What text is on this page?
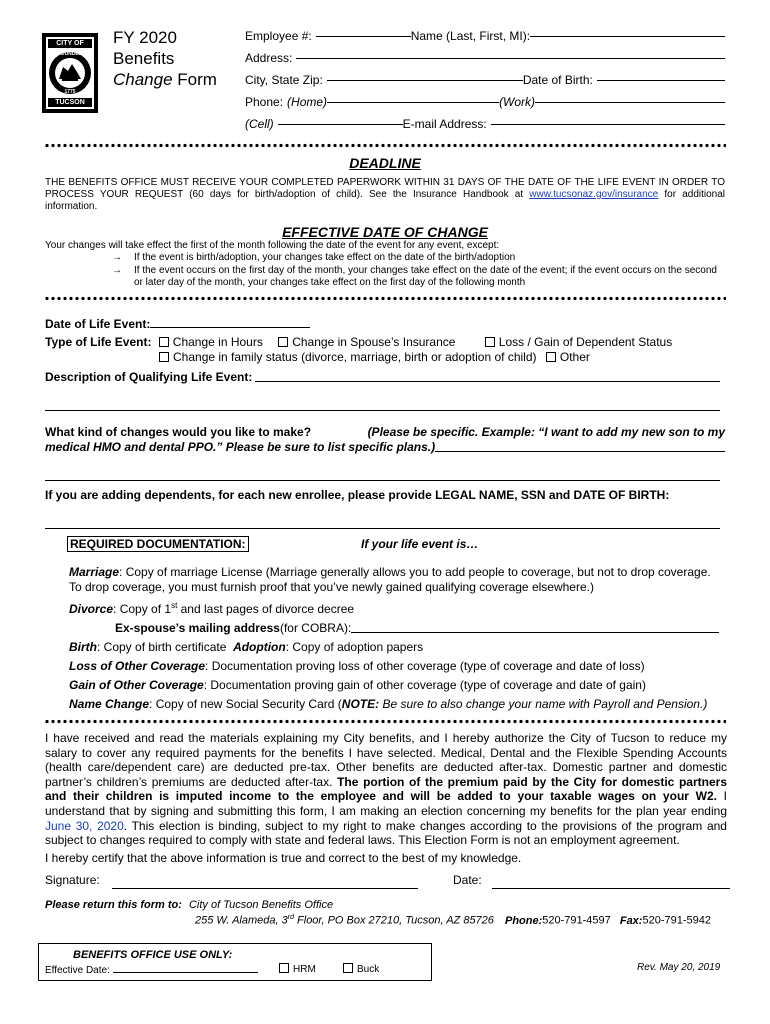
CITY OF
FOUNDED
1775
TUCSON
FY 2020
Benefits
Change Form
Employee #:	Name (Last, First, MI):
Address:
City, State Zip:	Date of Birth:
Phone: (Home)	(Work)
(Cell)	E-mail Address:
DEADLINE
THE BENEFITS OFFICE MUST RECEIVE YOUR COMPLETED PAPERWORK WITHIN 31 DAYS OF THE DATE OF THE LIFE EVENT IN ORDER TO PROCESS YOUR REQUEST (60 days for birth/adoption of child). See the Insurance Handbook at www.tucsonaz.gov/insurance for additional information.
EFFECTIVE DATE OF CHANGE
Your changes will take effect the first of the month following the date of the event for any event, except:
→ If the event is birth/adoption, your changes take effect on the date of the birth/adoption
→ If the event occurs on the first day of the month, your changes take effect on the date of the event; if the event occurs on the second
or later day of the month, your changes take effect on the first day of the following month
Date of Life Event:
Type of Life Event: Change in Hours Change in Spouse’s Insurance	Loss / Gain of Dependent Status
Change in family status (divorce, marriage, birth or adoption of child) Other
Description of Qualifying Life Event:
What kind of changes would you like to make?	(Please be specific. Example: “I want to add my new son to my
medical HMO and dental PPO.” Please be sure to list specific plans.)
If you are adding dependents, for each new enrollee, please provide LEGAL NAME, SSN and DATE OF BIRTH:
REQUIRED DOCUMENTATION:	If your life event is…
Marriage: Copy of marriage License (Marriage generally allows you to add people to coverage, but not to drop coverage.
To drop coverage, you must furnish proof that you’ve newly gained qualifying coverage elsewhere.)
Divorce: Copy of 1st and last pages of divorce decree
Ex-spouse’s mailing address (for COBRA):
Birth: Copy of birth certificate  Adoption: Copy of adoption papers
Loss of Other Coverage: Documentation proving loss of other coverage (type of coverage and date of loss)
Gain of Other Coverage: Documentation proving gain of other coverage (type of coverage and date of gain)
Name Change: Copy of new Social Security Card (NOTE: Be sure to also change your name with Payroll and Pension.)
I have received and read the materials explaining my City benefits, and I hereby authorize the City of Tucson to reduce my
salary to cover any required payments for the benefits I have selected. Medical, Dental and the Flexible Spending Accounts
(health care/dependent care) are deducted pre-tax. Other benefits are deducted after-tax. Domestic partner and domestic
partner’s children’s premiums are deducted after-tax. The portion of the premium paid by the City for domestic partners
and their children is imputed income to the employee and will be added to your taxable wages on your W2. I
understand that by signing and submitting this form, I am making an election concerning my benefits for the plan year ending
June 30, 2020. This election is binding, subject to my right to make changes according to the provisions of the program and
subject to changes required to comply with state and federal laws. This Election Form is not an employment agreement.
I hereby certify that the above information is true and correct to the best of my knowledge.
Signature:	Date:
Please return this form to: City of Tucson Benefits Office
255 W. Alameda, 3rd Floor, PO Box 27210, Tucson, AZ 85726 Phone:520-791-4597 Fax:520-791-5942
BENEFITS OFFICE USE ONLY:
Effective Date:	HRM	Buck	Rev. May 20, 2019
